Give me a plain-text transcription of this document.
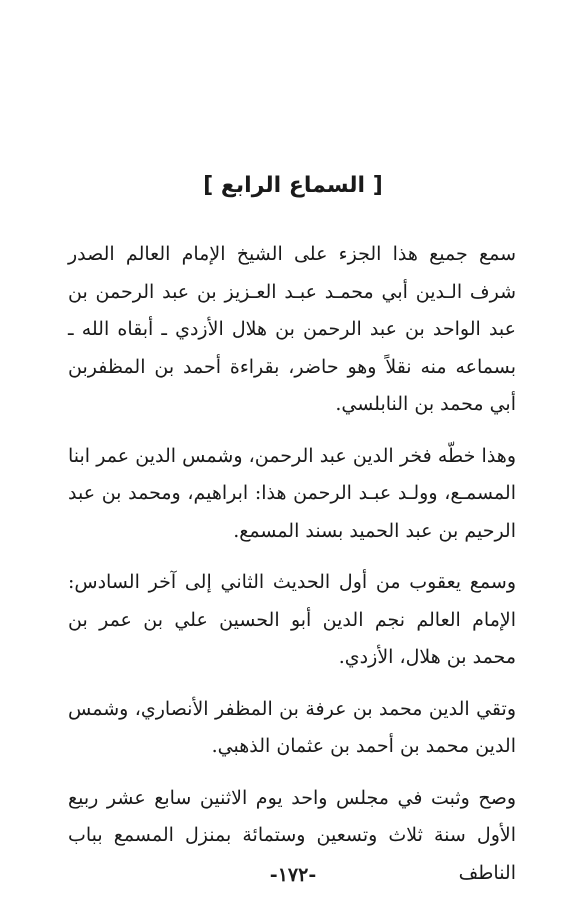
[ السماع الرابع ]

سمع جميع هذا الجزء على الشيخ الإمام العالم الصدر شرف الـدين أبي محمـد عبـد العـزيز بن عبد الرحمن بن عبد الواحد بن عبد الرحمن بن هلال الأزدي ـ أبقاه الله ـ بسماعه منه نقلاً وهو حاضر، بقراءة أحمد بن المظفربن أبي محمد بن النابلسي.

وهذا خطّه فخر الدين عبد الرحمن، وشمس الدين عمر ابنا المسمـع، وولـد عبـد الرحمن هذا: ابراهيم، ومحمد بن عبد الرحيم بن عبد الحميد بسند المسمع.

وسمع يعقوب من أول الحديث الثاني إلى آخر السادس: الإمام العالم نجم الدين أبو الحسين علي بن عمر بن محمد بن هلال، الأزدي.

وتقي الدين محمد بن عرفة بن المظفر الأنصاري، وشمس الدين محمد بن أحمد بن عثمان الذهبي.

وصح وثبت في مجلس واحد يوم الاثنين سابع عشر ربيع الأول سنة ثلاث وتسعين وستمائة بمنزل المسمع بباب الناطف

-١٧٢-
